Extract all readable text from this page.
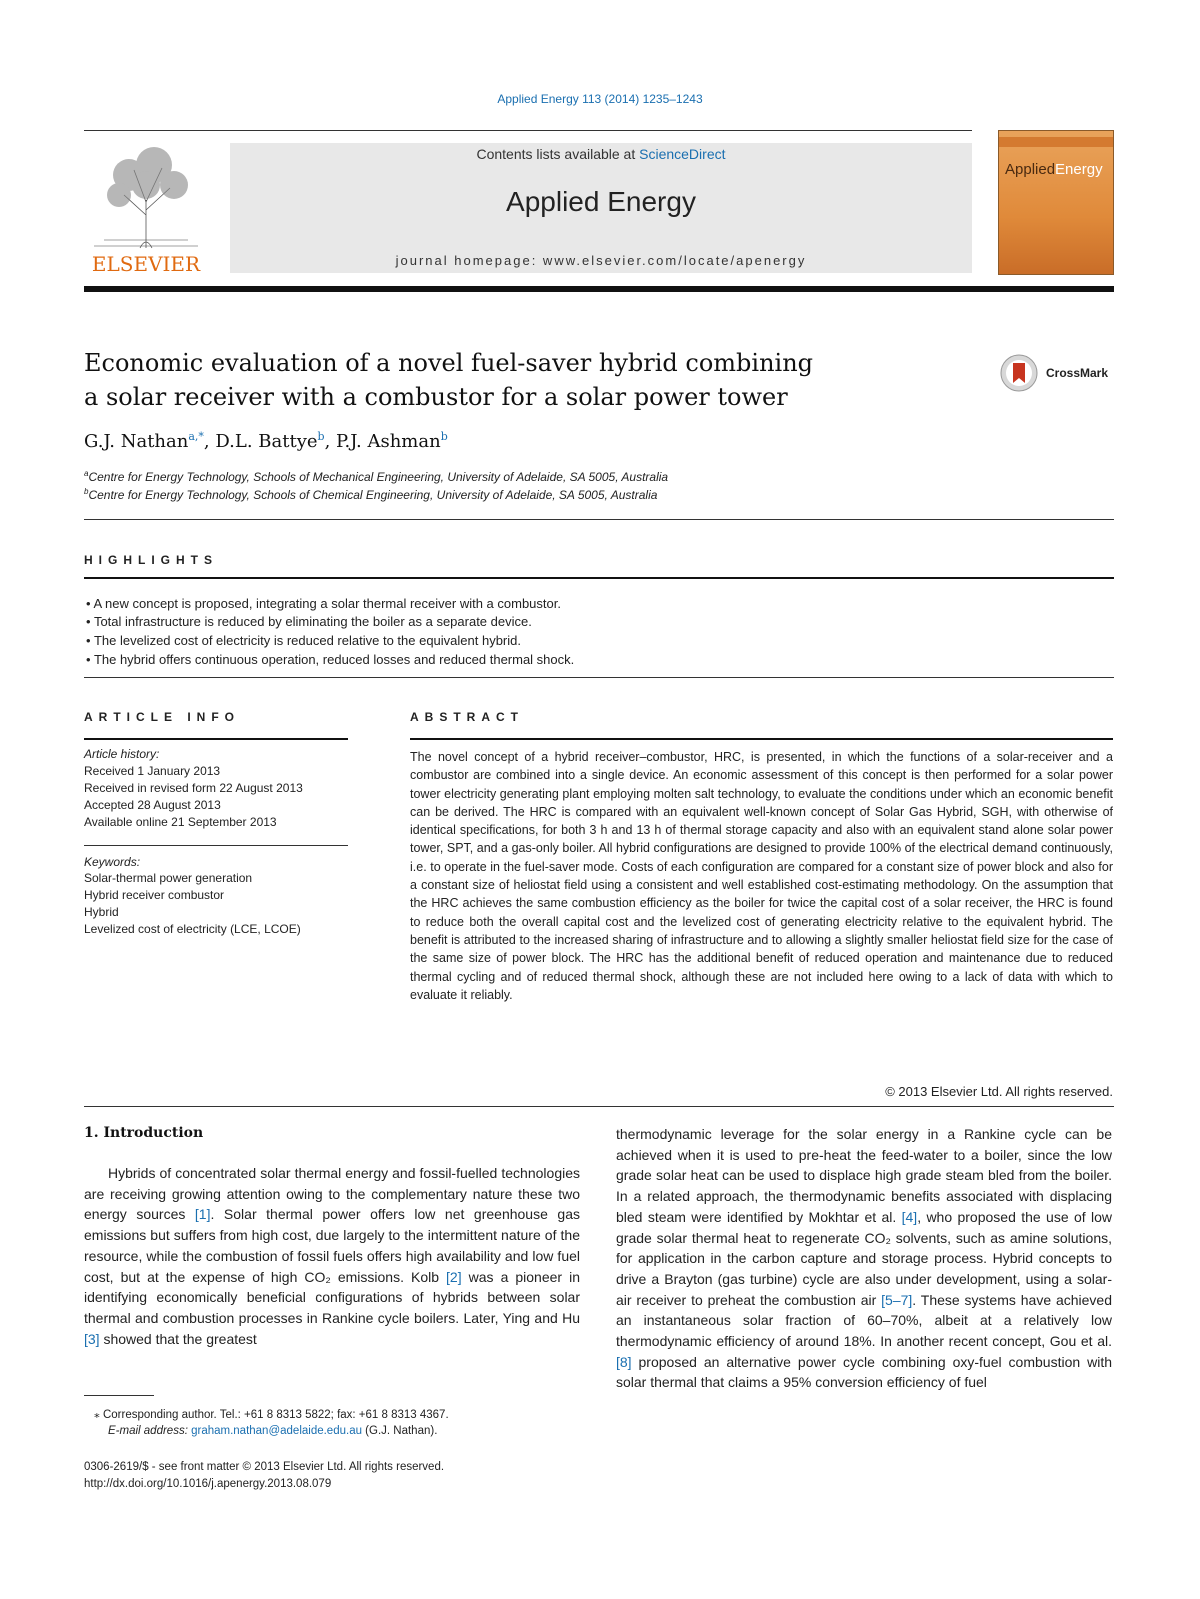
Applied Energy 113 (2014) 1235–1243
ELSEVIER
Contents lists available at ScienceDirect
Applied Energy
journal homepage: www.elsevier.com/locate/apenergy
AppliedEnergy
Economic evaluation of a novel fuel-saver hybrid combining
a solar receiver with a combustor for a solar power tower
CrossMark
G.J. Nathan$^{a,*}$, D.L. Battye$^b$, P.J. Ashman$^b$
$^a$Centre for Energy Technology, Schools of Mechanical Engineering, University of Adelaide, SA 5005, Australia
$^b$Centre for Energy Technology, Schools of Chemical Engineering, University of Adelaide, SA 5005, Australia
HIGHLIGHTS
• A new concept is proposed, integrating a solar thermal receiver with a combustor.
• Total infrastructure is reduced by eliminating the boiler as a separate device.
• The levelized cost of electricity is reduced relative to the equivalent hybrid.
• The hybrid offers continuous operation, reduced losses and reduced thermal shock.
ARTICLE INFO
Article history:
Received 1 January 2013
Received in revised form 22 August 2013
Accepted 28 August 2013
Available online 21 September 2013
Keywords:
Solar-thermal power generation
Hybrid receiver combustor
Hybrid
Levelized cost of electricity (LCE, LCOE)
ABSTRACT

The novel concept of a hybrid receiver–combustor, HRC, is presented, in which the functions of a solar-receiver and a combustor are combined into a single device. An economic assessment of this concept is then performed for a solar power tower electricity generating plant employing molten salt technology, to evaluate the conditions under which an economic benefit can be derived. The HRC is compared with an equivalent well-known concept of Solar Gas Hybrid, SGH, with otherwise of identical specifications, for both 3 h and 13 h of thermal storage capacity and also with an equivalent stand alone solar power tower, SPT, and a gas-only boiler. All hybrid configurations are designed to provide 100% of the electrical demand continuously, i.e. to operate in the fuel-saver mode. Costs of each configuration are compared for a constant size of power block and also for a constant size of heliostat field using a consistent and well established cost-estimating methodology. On the assumption that the HRC achieves the same combustion efficiency as the boiler for twice the capital cost of a solar receiver, the HRC is found to reduce both the overall capital cost and the levelized cost of generating electricity relative to the equivalent hybrid. The benefit is attributed to the increased sharing of infrastructure and to allowing a slightly smaller heliostat field size for the case of the same size of power block. The HRC has the additional benefit of reduced operation and maintenance due to reduced thermal cycling and of reduced thermal shock, although these are not included here owing to a lack of data with which to evaluate it reliably.

© 2013 Elsevier Ltd. All rights reserved.
1. Introduction

Hybrids of concentrated solar thermal energy and fossil-fuelled technologies are receiving growing attention owing to the complementary nature these two energy sources [1]. Solar thermal power offers low net greenhouse gas emissions but suffers from high cost, due largely to the intermittent nature of the resource, while the combustion of fossil fuels offers high availability and low fuel cost, but at the expense of high CO₂ emissions. Kolb [2] was a pioneer in identifying economically beneficial configurations of hybrids between solar thermal and combustion processes in Rankine cycle boilers. Later, Ying and Hu [3] showed that the greatest

thermodynamic leverage for the solar energy in a Rankine cycle can be achieved when it is used to pre-heat the feed-water to a boiler, since the low grade solar heat can be used to displace high grade steam bled from the boiler. In a related approach, the thermodynamic benefits associated with displacing bled steam were identified by Mokhtar et al. [4], who proposed the use of low grade solar thermal heat to regenerate CO₂ solvents, such as amine solutions, for application in the carbon capture and storage process. Hybrid concepts to drive a Brayton (gas turbine) cycle are also under development, using a solar-air receiver to preheat the combustion air [5–7]. These systems have achieved an instantaneous solar fraction of 60–70%, albeit at a relatively low thermodynamic efficiency of around 18%. In another recent concept, Gou et al. [8] proposed an alternative power cycle combining oxy-fuel combustion with solar thermal that claims a 95% conversion efficiency of fuel

⁎ Corresponding author. Tel.: +61 8 8313 5822; fax: +61 8 8313 4367.
E-mail address: graham.nathan@adelaide.edu.au (G.J. Nathan).
0306-2619/$ - see front matter © 2013 Elsevier Ltd. All rights reserved.
http://dx.doi.org/10.1016/j.apenergy.2013.08.079
